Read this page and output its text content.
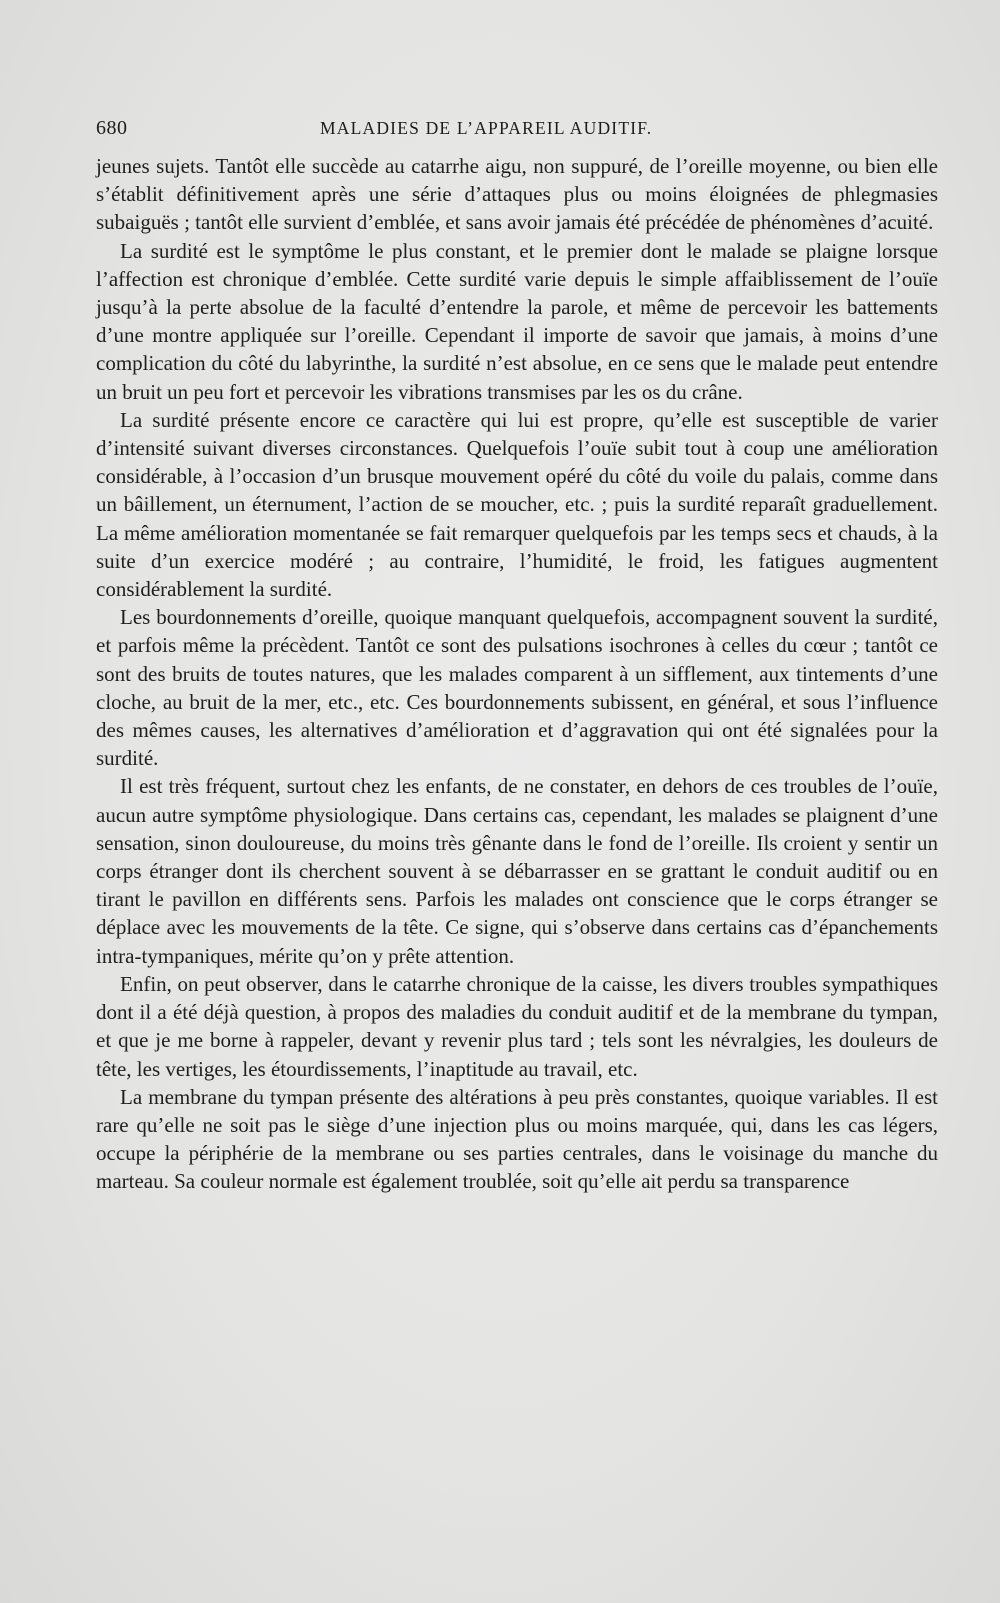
680	MALADIES DE L’APPAREIL AUDITIF.

jeunes sujets. Tantôt elle succède au catarrhe aigu, non suppuré, de l’oreille moyenne, ou bien elle s’établit définitivement après une série d’attaques plus ou moins éloignées de phlegmasies subaiguës ; tantôt elle survient d’emblée, et sans avoir jamais été précédée de phénomènes d’acuité.

La surdité est le symptôme le plus constant, et le premier dont le malade se plaigne lorsque l’affection est chronique d’emblée. Cette surdité varie depuis le simple affaiblissement de l’ouïe jusqu’à la perte absolue de la faculté d’entendre la parole, et même de percevoir les battements d’une montre appliquée sur l’oreille. Cependant il importe de savoir que jamais, à moins d’une complication du côté du labyrinthe, la surdité n’est absolue, en ce sens que le malade peut entendre un bruit un peu fort et percevoir les vibrations transmises par les os du crâne.

La surdité présente encore ce caractère qui lui est propre, qu’elle est susceptible de varier d’intensité suivant diverses circonstances. Quelquefois l’ouïe subit tout à coup une amélioration considérable, à l’occasion d’un brusque mouvement opéré du côté du voile du palais, comme dans un bâillement, un éternument, l’action de se moucher, etc. ; puis la surdité reparaît graduellement. La même amélioration momentanée se fait remarquer quelquefois par les temps secs et chauds, à la suite d’un exercice modéré ; au contraire, l’humidité, le froid, les fatigues augmentent considérablement la surdité.

Les bourdonnements d’oreille, quoique manquant quelquefois, accompagnent souvent la surdité, et parfois même la précèdent. Tantôt ce sont des pulsations isochrones à celles du cœur ; tantôt ce sont des bruits de toutes natures, que les malades comparent à un sifflement, aux tintements d’une cloche, au bruit de la mer, etc., etc. Ces bourdonnements subissent, en général, et sous l’influence des mêmes causes, les alternatives d’amélioration et d’aggravation qui ont été signalées pour la surdité.

Il est très fréquent, surtout chez les enfants, de ne constater, en dehors de ces troubles de l’ouïe, aucun autre symptôme physiologique. Dans certains cas, cependant, les malades se plaignent d’une sensation, sinon douloureuse, du moins très gênante dans le fond de l’oreille. Ils croient y sentir un corps étranger dont ils cherchent souvent à se débarrasser en se grattant le conduit auditif ou en tirant le pavillon en différents sens. Parfois les malades ont conscience que le corps étranger se déplace avec les mouvements de la tête. Ce signe, qui s’observe dans certains cas d’épanchements intra-tympaniques, mérite qu’on y prête attention.

Enfin, on peut observer, dans le catarrhe chronique de la caisse, les divers troubles sympathiques dont il a été déjà question, à propos des maladies du conduit auditif et de la membrane du tympan, et que je me borne à rappeler, devant y revenir plus tard ; tels sont les névralgies, les douleurs de tête, les vertiges, les étourdissements, l’inaptitude au travail, etc.

La membrane du tympan présente des altérations à peu près constantes, quoique variables. Il est rare qu’elle ne soit pas le siège d’une injection plus ou moins marquée, qui, dans les cas légers, occupe la périphérie de la membrane ou ses parties centrales, dans le voisinage du manche du marteau. Sa couleur normale est également troublée, soit qu’elle ait perdu sa transparence
